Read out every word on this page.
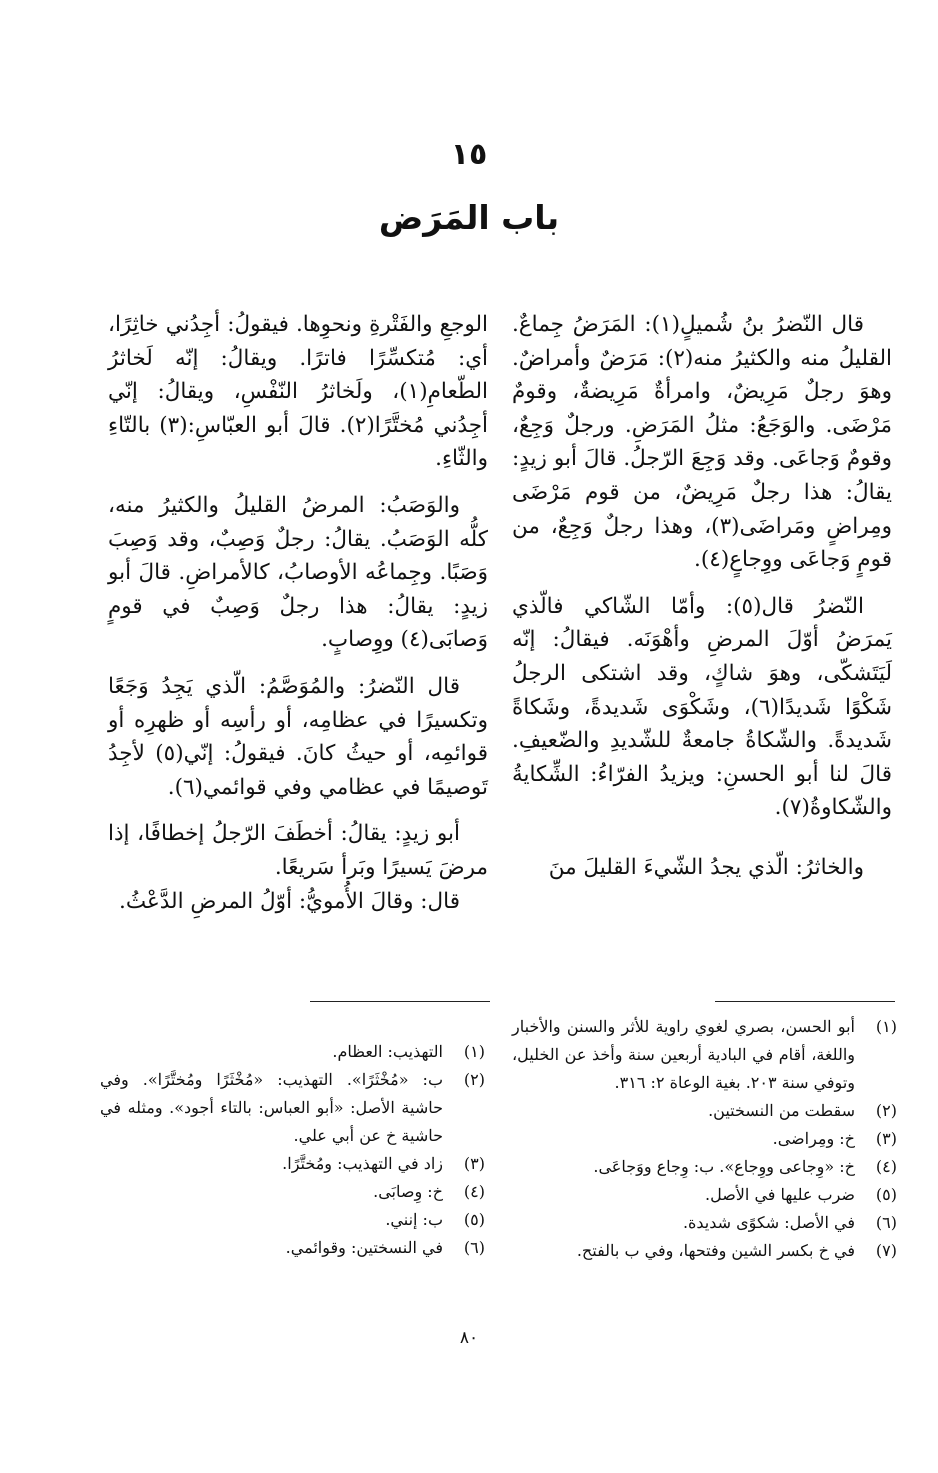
١٥
باب المَرَض

قال النّضرُ بنُ شُميلٍ(١): المَرَضُ جِماعٌ. القليلُ منه والكثيرُ منه(٢): مَرَضٌ وأمراضٌ. وهوَ رجلٌ مَرِيضٌ، وامرأةٌ مَرِيضةٌ، وقومٌ مَرْضَى. والوَجَعُ: مثلُ المَرَضِ. ورجلٌ وَجِعٌ، وقومٌ وَجاعَى. وقد وَجِعَ الرّجلُ. قالَ أبو زيدٍ: يقالُ: هذا رجلٌ مَرِيضٌ، من قوم مَرْضَى ومِراضٍ ومَراضَى(٣)، وهذا رجلٌ وَجِعٌ، من قومٍ وَجاعَى ووِجاعٍ(٤).

النّضرُ قال(٥): وأمّا الشّاكي فالّذي يَمرَضُ أوّلَ المرضِ وأهْوَنَه. فيقالُ: إنّه لَيَتَشكّى، وهوَ شاكٍ، وقد اشتكى الرجلُ شَكْوًا شَديدًا(٦)، وشَكْوَى شَديدةً، وشَكاةً شَديدةً. والشّكاةُ جامعةٌ للشّديدِ والضّعيفِ. قالَ لنا أبو الحسنِ: ويزيدُ الفرّاءُ: الشِّكايةُ والشّكاوةُ(٧).

والخاثرُ: الّذي يجدُ الشّيءَ القليلَ منَ

الوجعِ والفَتْرةِ ونحوِها. فيقولُ: أجِدُني خاثِرًا، أي: مُتكسِّرًا فاترًا. ويقالُ: إنّه لَخاثرُ الطّعامِ(١)، ولَخاثرُ النّفْسِ، ويقالُ: إنّي أجِدُني مُختَّرًا(٢). قالَ أبو العبّاسِ:(٣) بالتّاءِ والثّاءِ.

والوَصَبُ: المرضُ القليلُ والكثيرُ منه، كلُّه الوَصَبُ. يقالُ: رجلٌ وَصِبٌ، وقد وَصِبَ وَصَبًا. وجِماعُه الأوصابُ، كالأمراضِ. قالَ أبو زيدٍ: يقالُ: هذا رجلٌ وَصِبٌ في قومٍ وَصابَى(٤) ووِصابٍ.

قال النّضرُ: والمُوَصَّمُ: الّذي يَجِدُ وَجَعًا وتكسيرًا في عظامِه، أو رأسِه أو ظهرِه أو قوائمِه، أو حيثُ كانَ. فيقولُ: إنّي(٥) لأجِدُ تَوصيمًا في عظامي وفي قوائمي(٦).

أبو زيدٍ: يقالُ: أخطَفَ الرّجلُ إخطافًا، إذا مرضَ يَسيرًا وبَرأ سَريعًا.

قال: وقالَ الأُمويُّ: أوّلُ المرضِ الدَّعْثُ.

(١)
أبو الحسن، بصري لغوي راوية للأثر والسنن والأخبار واللغة، أقام في البادية أربعين سنة وأخذ عن الخليل، وتوفي سنة ٢٠٣. بغية الوعاة ٢: ٣١٦.
(٢)
سقطت من النسختين.
(٣)
خ: ومِراضى.
(٤)
خ: «وِجاعى ووِجاع». ب: وِجاع ووَجاعَى.
(٥)
ضرب عليها في الأصل.
(٦)
في الأصل: شكوًى شديدة.
(٧)
في خ بكسر الشين وفتحها، وفي ب بالفتح.
(١)
التهذيب: العظام.
(٢)
ب: «مُخْثَرًا». التهذيب: «مُخْثَرًا ومُختَّرًا». وفي حاشية الأصل: «أبو العباس: بالتاء أجود». ومثله في حاشية خ عن أبي علي.
(٣)
زاد في التهذيب: ومُختَّرًا.
(٤)
خ: وِصابَى.
(٥)
ب: إنني.
(٦)
في النسختين: وقوائمي.
٨٠
